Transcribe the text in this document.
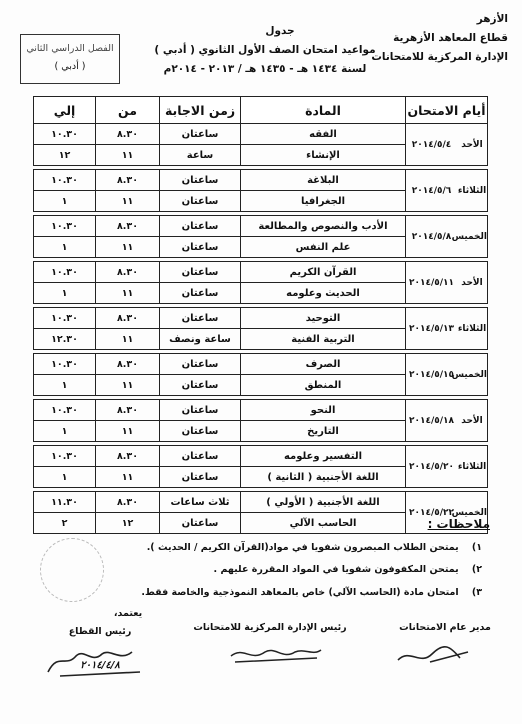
الأزهر
قطاع المعاهد الأزهرية
الإدارة المركزية للامتحانات
جدول
مواعيد امتحان الصف الأول الثانوي ( أدبي )
لسنة ١٤٣٤ هـ - ١٤٣٥ هـ / ٢٠١٣ - ٢٠١٤م
الفصل الدراسي الثاني
( أدبي )
أيام الامتحان	المادة	زمن الاجابة	من	إلي

الأحد
٢٠١٤/٥/٤	الفقه	ساعتان	٨.٣٠	١٠.٣٠
	الإنشاء	ساعة	١١	١٢

الثلاثاء
٢٠١٤/٥/٦	البلاغة	ساعتان	٨.٣٠	١٠.٣٠
	الجغرافيا	ساعتان	١١	١

الخميس
٢٠١٤/٥/٨	الأدب والنصوص والمطالعة	ساعتان	٨.٣٠	١٠.٣٠
	علم النفس	ساعتان	١١	١

الأحد
٢٠١٤/٥/١١	القرآن الكريم	ساعتان	٨.٣٠	١٠.٣٠
	الحديث وعلومه	ساعتان	١١	١

الثلاثاء
٢٠١٤/٥/١٣	التوحيد	ساعتان	٨.٣٠	١٠.٣٠
	التربية الفنية	ساعة ونصف	١١	١٢.٣٠

الخميس
٢٠١٤/٥/١٥	الصرف	ساعتان	٨.٣٠	١٠.٣٠
	المنطق	ساعتان	١١	١

الأحد
٢٠١٤/٥/١٨	النحو	ساعتان	٨.٣٠	١٠.٣٠
	التاريخ	ساعتان	١١	١

الثلاثاء
٢٠١٤/٥/٢٠	التفسير وعلومه	ساعتان	٨.٣٠	١٠.٣٠
	اللغة الأجنبية ( الثانية )	ساعتان	١١	١

الخميس
٢٠١٤/٥/٢٢	اللغة الأجنبية ( الأولي )	ثلاث ساعات	٨.٣٠	١١.٣٠
	الحاسب الآلي	ساعتان	١٢	٢	ملاحظات :
١) يمتحن الطلاب المبصرون شفويا في مواد(القرآن الكريم / الحديث ).
٢) يمتحن المكفوفون شفويا في المواد المقررة عليهم .
٣) امتحان مادة (الحاسب الآلي) خاص بالمعاهد النموذجية والخاصة فقط.
مدير عام الامتحانات
رئيس الإدارة المركزية للامتحانات
يعتمد،
رئيس القطاع
٢٠١٤/٤/٨
